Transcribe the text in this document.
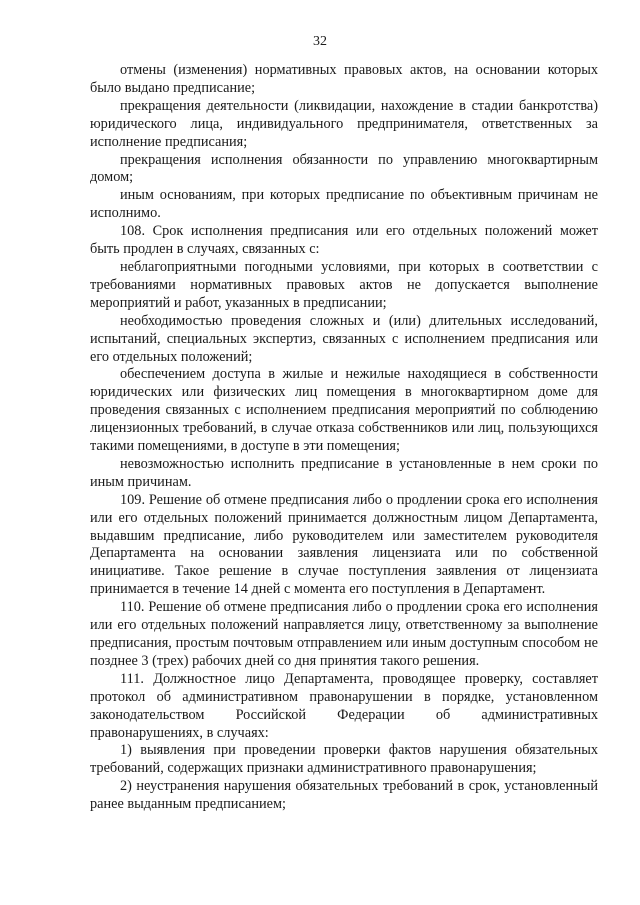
32

отмены (изменения) нормативных правовых актов, на основании которых было выдано предписание;

прекращения деятельности (ликвидации, нахождение в стадии банкротства) юридического лица, индивидуального предпринимателя, ответственных за исполнение предписания;

прекращения исполнения обязанности по управлению многоквартирным домом;

иным основаниям, при которых предписание по объективным причинам не исполнимо.

108. Срок исполнения предписания или его отдельных положений может быть продлен в случаях, связанных с:

неблагоприятными погодными условиями, при которых в соответствии с требованиями нормативных правовых актов не допускается выполнение мероприятий и работ, указанных в предписании;

необходимостью проведения сложных и (или) длительных исследований, испытаний, специальных экспертиз, связанных с исполнением предписания или его отдельных положений;

обеспечением доступа в жилые и нежилые находящиеся в собственности юридических или физических лиц помещения в многоквартирном доме для проведения связанных с исполнением предписания мероприятий по соблюдению лицензионных требований, в случае отказа собственников или лиц, пользующихся такими помещениями, в доступе в эти помещения;

невозможностью исполнить предписание в установленные в нем сроки по иным причинам.

109. Решение об отмене предписания либо о продлении срока его исполнения или его отдельных положений принимается должностным лицом Департамента, выдавшим предписание, либо руководителем или заместителем руководителя Департамента на основании заявления лицензиата или по собственной инициативе. Такое решение в случае поступления заявления от лицензиата принимается в течение 14 дней с момента его поступления в Департамент.

110. Решение об отмене предписания либо о продлении срока его исполнения или его отдельных положений направляется лицу, ответственному за выполнение предписания, простым почтовым отправлением или иным доступным способом не позднее 3 (трех) рабочих дней со дня принятия такого решения.

111. Должностное лицо Департамента, проводящее проверку, составляет протокол об административном правонарушении в порядке, установленном законодательством Российской Федерации об административных правонарушениях, в случаях:

1) выявления при проведении проверки фактов нарушения обязательных требований, содержащих признаки административного правонарушения;

2) неустранения нарушения обязательных требований в срок, установленный ранее выданным предписанием;
